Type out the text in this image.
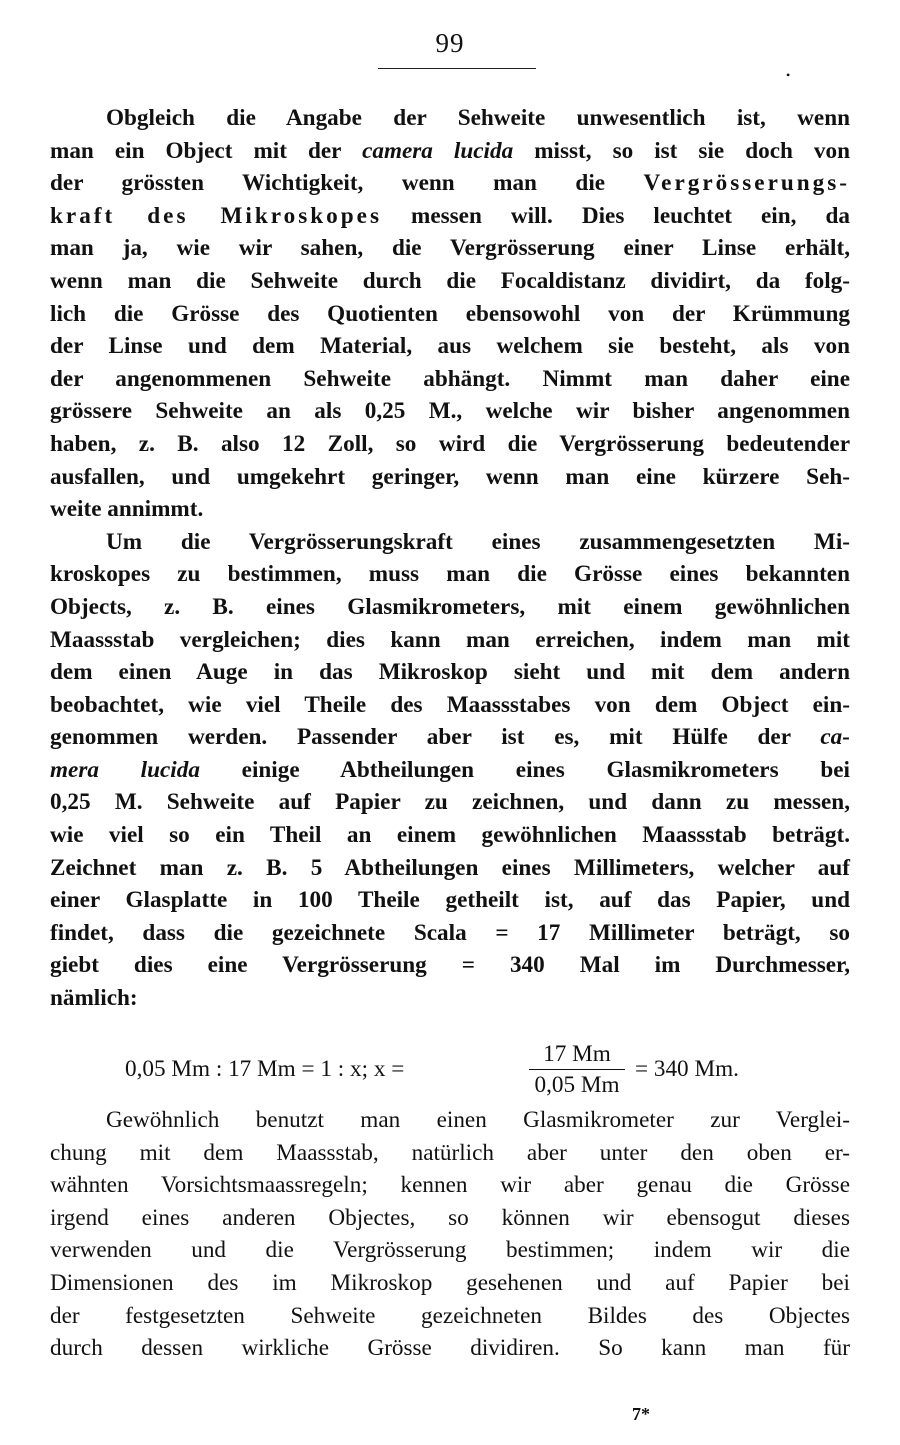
99
•
Obgleich die Angabe der Sehweite unwesentlich ist, wenn
man ein Object mit der camera lucida misst, so ist sie doch von
der grössten Wichtigkeit, wenn man die Vergrösserungs-
kraft des Mikroskopes messen will. Dies leuchtet ein, da
man ja, wie wir sahen, die Vergrösserung einer Linse erhält,
wenn man die Sehweite durch die Focaldistanz dividirt, da folg-
lich die Grösse des Quotienten ebensowohl von der Krümmung
der Linse und dem Material, aus welchem sie besteht, als von
der angenommenen Sehweite abhängt. Nimmt man daher eine
grössere Sehweite an als 0,25 M., welche wir bisher angenommen
haben, z. B. also 12 Zoll, so wird die Vergrösserung bedeutender
ausfallen, und umgekehrt geringer, wenn man eine kürzere Seh-
weite annimmt.
Um die Vergrösserungskraft eines zusammengesetzten Mi-
kroskopes zu bestimmen, muss man die Grösse eines bekannten
Objects, z. B. eines Glasmikrometers, mit einem gewöhnlichen
Maassstab vergleichen; dies kann man erreichen, indem man mit
dem einen Auge in das Mikroskop sieht und mit dem andern
beobachtet, wie viel Theile des Maassstabes von dem Object ein-
genommen werden. Passender aber ist es, mit Hülfe der ca-
mera lucida einige Abtheilungen eines Glasmikrometers bei
0,25 M. Sehweite auf Papier zu zeichnen, und dann zu messen,
wie viel so ein Theil an einem gewöhnlichen Maassstab beträgt.
Zeichnet man z. B. 5 Abtheilungen eines Millimeters, welcher auf
einer Glasplatte in 100 Theile getheilt ist, auf das Papier, und
findet, dass die gezeichnete Scala = 17 Millimeter beträgt, so
giebt dies eine Vergrösserung = 340 Mal im Durchmesser,
nämlich:
0,05 Mm : 17 Mm = 1 : x; x =
17 Mm
0,05 Mm
= 340 Mm.
Gewöhnlich benutzt man einen Glasmikrometer zur Verglei-
chung mit dem Maassstab, natürlich aber unter den oben er-
wähnten Vorsichtsmaassregeln; kennen wir aber genau die Grösse
irgend eines anderen Objectes, so können wir ebensogut dieses
verwenden und die Vergrösserung bestimmen; indem wir die
Dimensionen des im Mikroskop gesehenen und auf Papier bei
der festgesetzten Sehweite gezeichneten Bildes des Objectes
durch dessen wirkliche Grösse dividiren. So kann man für
7*
